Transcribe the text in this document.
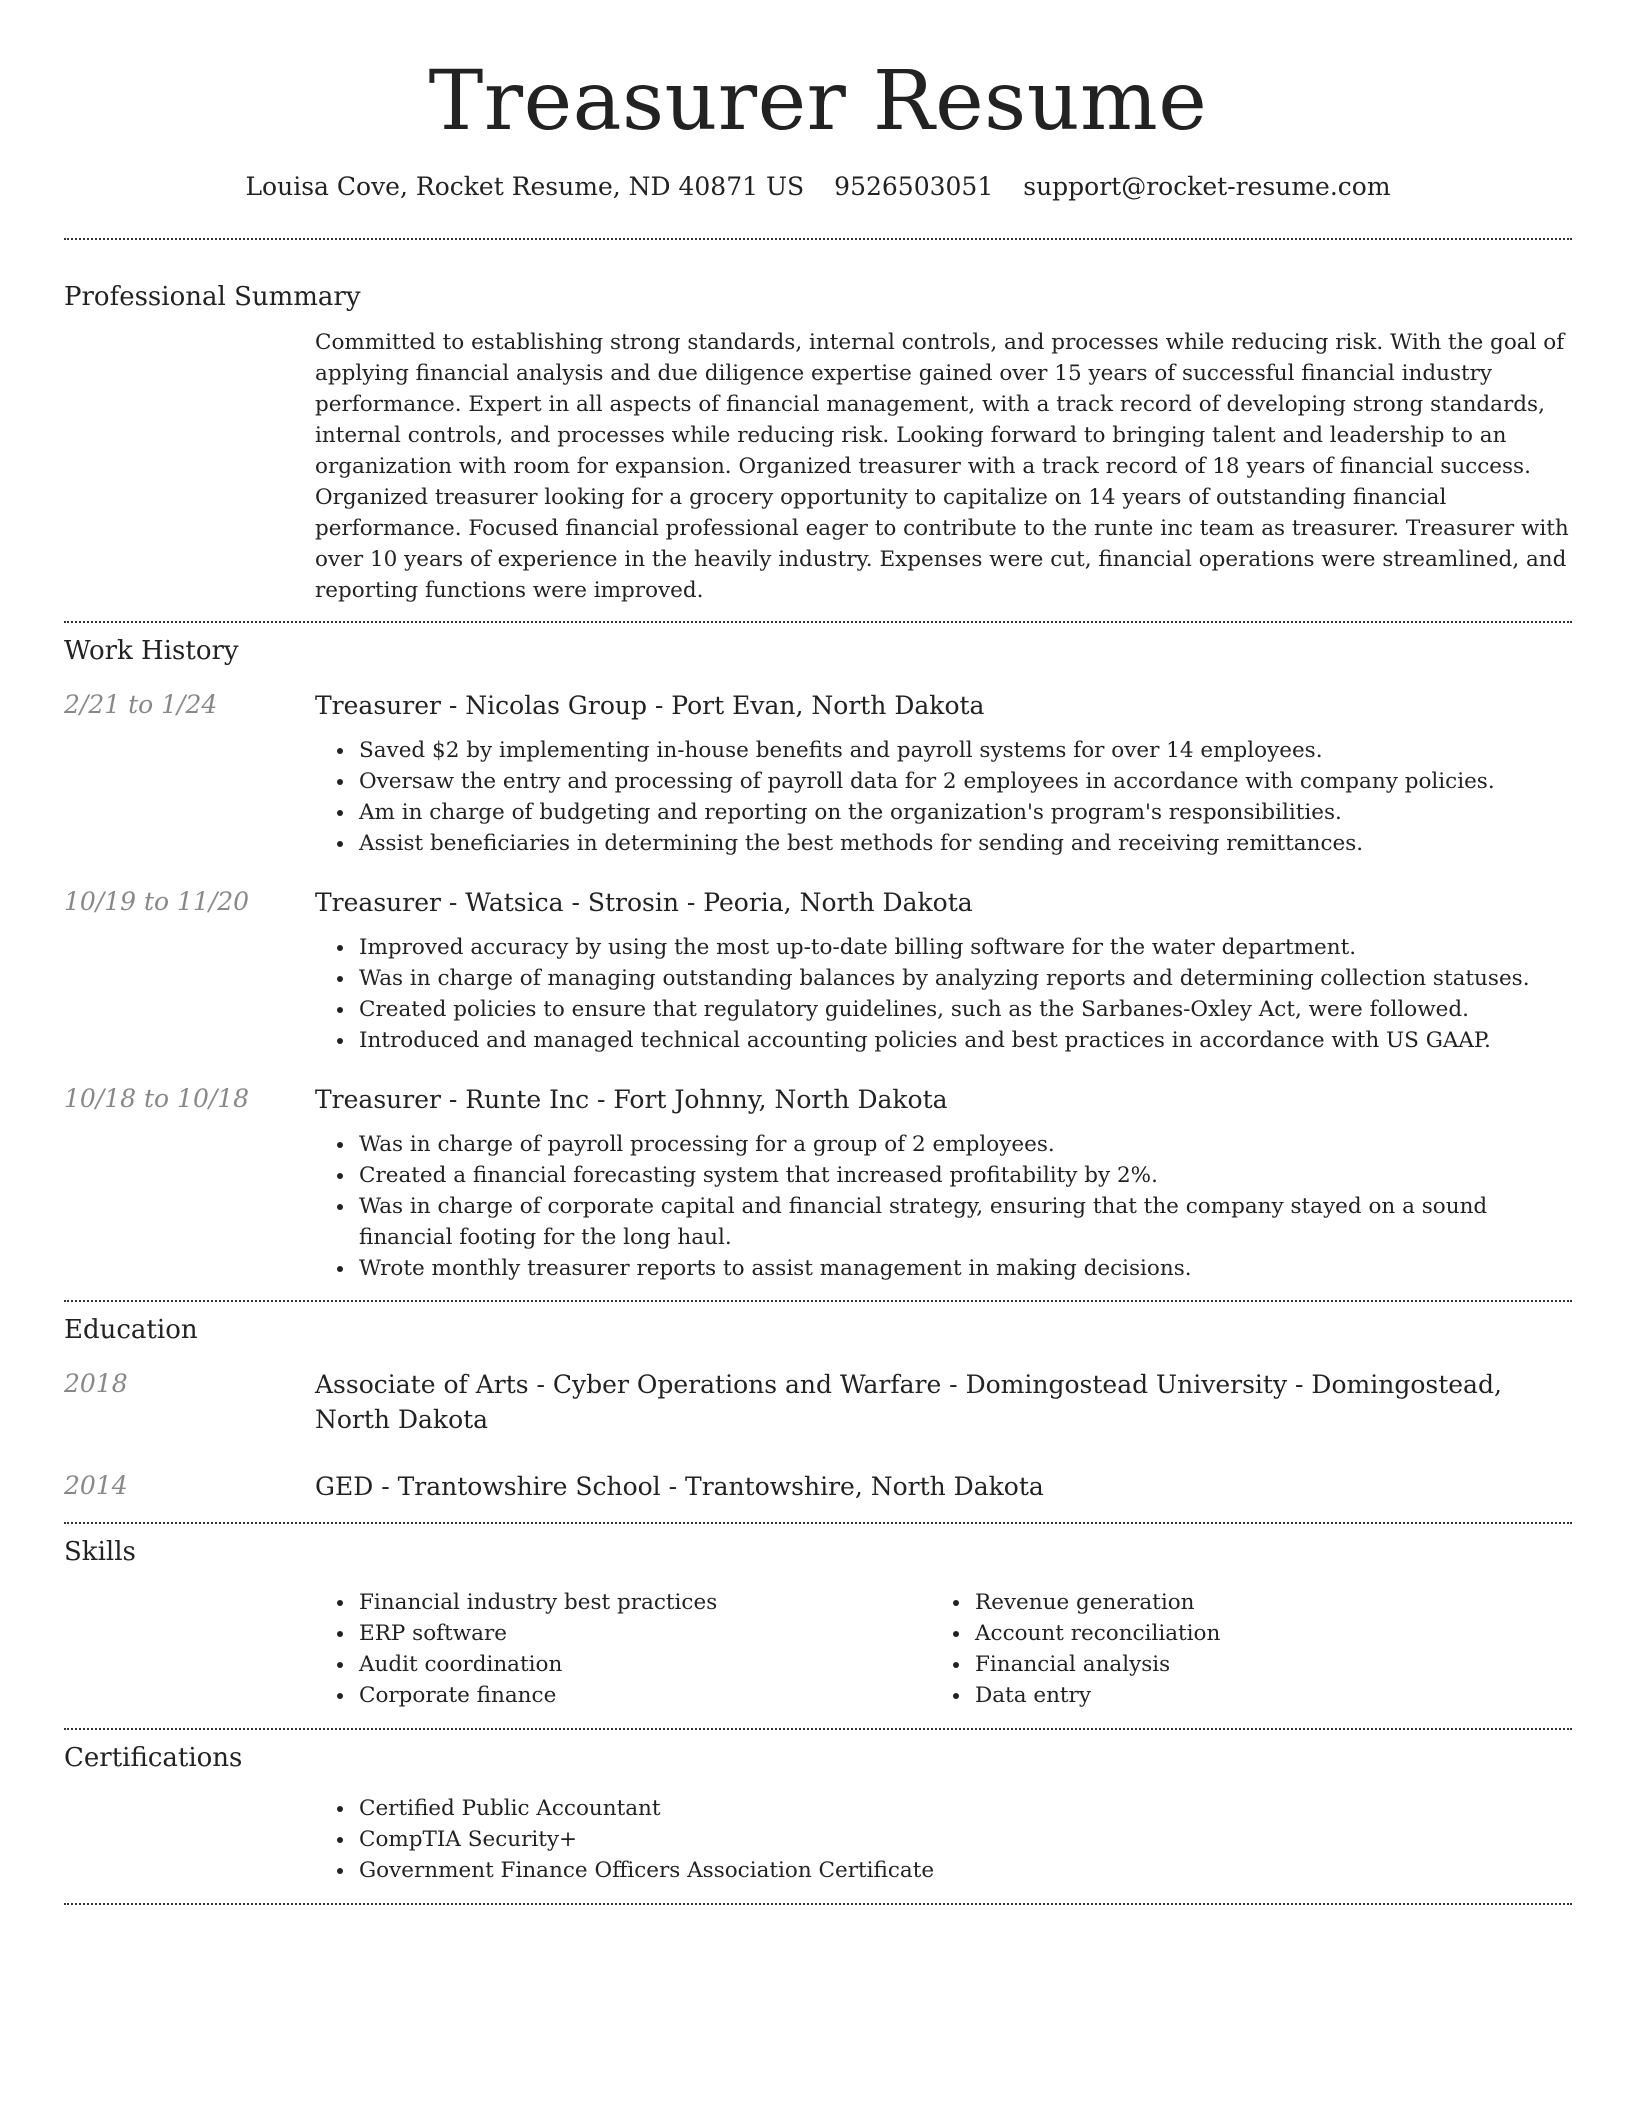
Treasurer Resume
Louisa Cove, Rocket Resume, ND 40871 US 9526503051 support@rocket-resume.com
Professional Summary

Committed to establishing strong standards, internal controls, and processes while reducing risk. With the goal of applying financial analysis and due diligence expertise gained over 15 years of successful financial industry performance. Expert in all aspects of financial management, with a track record of developing strong standards, internal controls, and processes while reducing risk. Looking forward to bringing talent and leadership to an organization with room for expansion. Organized treasurer with a track record of 18 years of financial success. Organized treasurer looking for a grocery opportunity to capitalize on 14 years of outstanding financial performance. Focused financial professional eager to contribute to the runte inc team as treasurer. Treasurer with over 10 years of experience in the heavily industry. Expenses were cut, financial operations were streamlined, and reporting functions were improved.

Work History
2/21 to 1/24	Treasurer - Nicolas Group - Port Evan, North Dakota
Saved $2 by implementing in-house benefits and payroll systems for over 14 employees.
Oversaw the entry and processing of payroll data for 2 employees in accordance with company policies.
Am in charge of budgeting and reporting on the organization's program's responsibilities.
Assist beneficiaries in determining the best methods for sending and receiving remittances.
10/19 to 11/20	Treasurer - Watsica - Strosin - Peoria, North Dakota
Improved accuracy by using the most up-to-date billing software for the water department.
Was in charge of managing outstanding balances by analyzing reports and determining collection statuses.
Created policies to ensure that regulatory guidelines, such as the Sarbanes-Oxley Act, were followed.
Introduced and managed technical accounting policies and best practices in accordance with US GAAP.
10/18 to 10/18	Treasurer - Runte Inc - Fort Johnny, North Dakota
Was in charge of payroll processing for a group of 2 employees.
Created a financial forecasting system that increased profitability by 2%.
Was in charge of corporate capital and financial strategy, ensuring that the company stayed on a sound financial footing for the long haul.
Wrote monthly treasurer reports to assist management in making decisions.
Education
2018	Associate of Arts - Cyber Operations and Warfare - Domingostead University - Domingostead, North Dakota
2014	GED - Trantowshire School - Trantowshire, North Dakota
Skills
Financial industry best practices
ERP software
Audit coordination
Corporate finance
Revenue generation
Account reconciliation
Financial analysis
Data entry
Certifications
Certified Public Accountant
CompTIA Security+
Government Finance Officers Association Certificate
